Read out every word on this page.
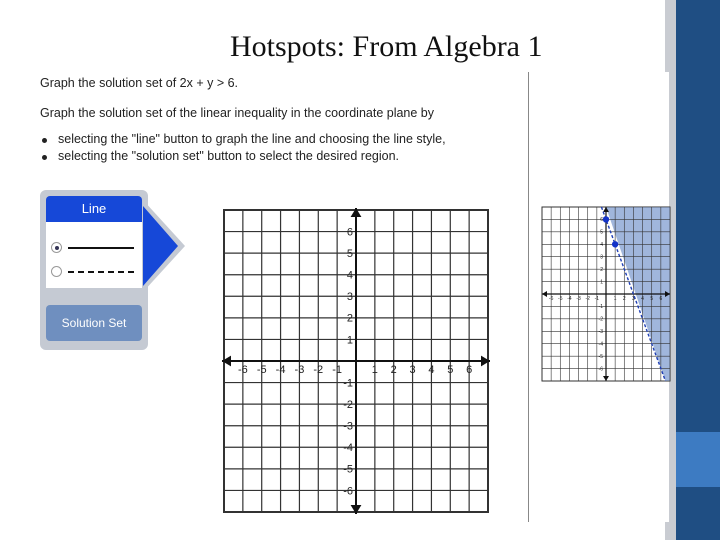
Hotspots: From Algebra 1
Graph the solution set of 2x + y > 6.
Graph the solution set of the linear inequality in the coordinate plane by
selecting the "line" button to graph the line and choosing the line style,
selecting the "solution set" button to select the desired region.
Line
Solution Set
-6 -5 -4 -3 -2 -1	1 2 3 4 5 6
6
5
4
3
2
1
-1
-2
-3
-4
-5
-6
-6 -5 -4 -3 -2 -1	1 2 3 4 5 6
6
5
4
3
2
1
-1
-2
-3
-4
-5
-6
